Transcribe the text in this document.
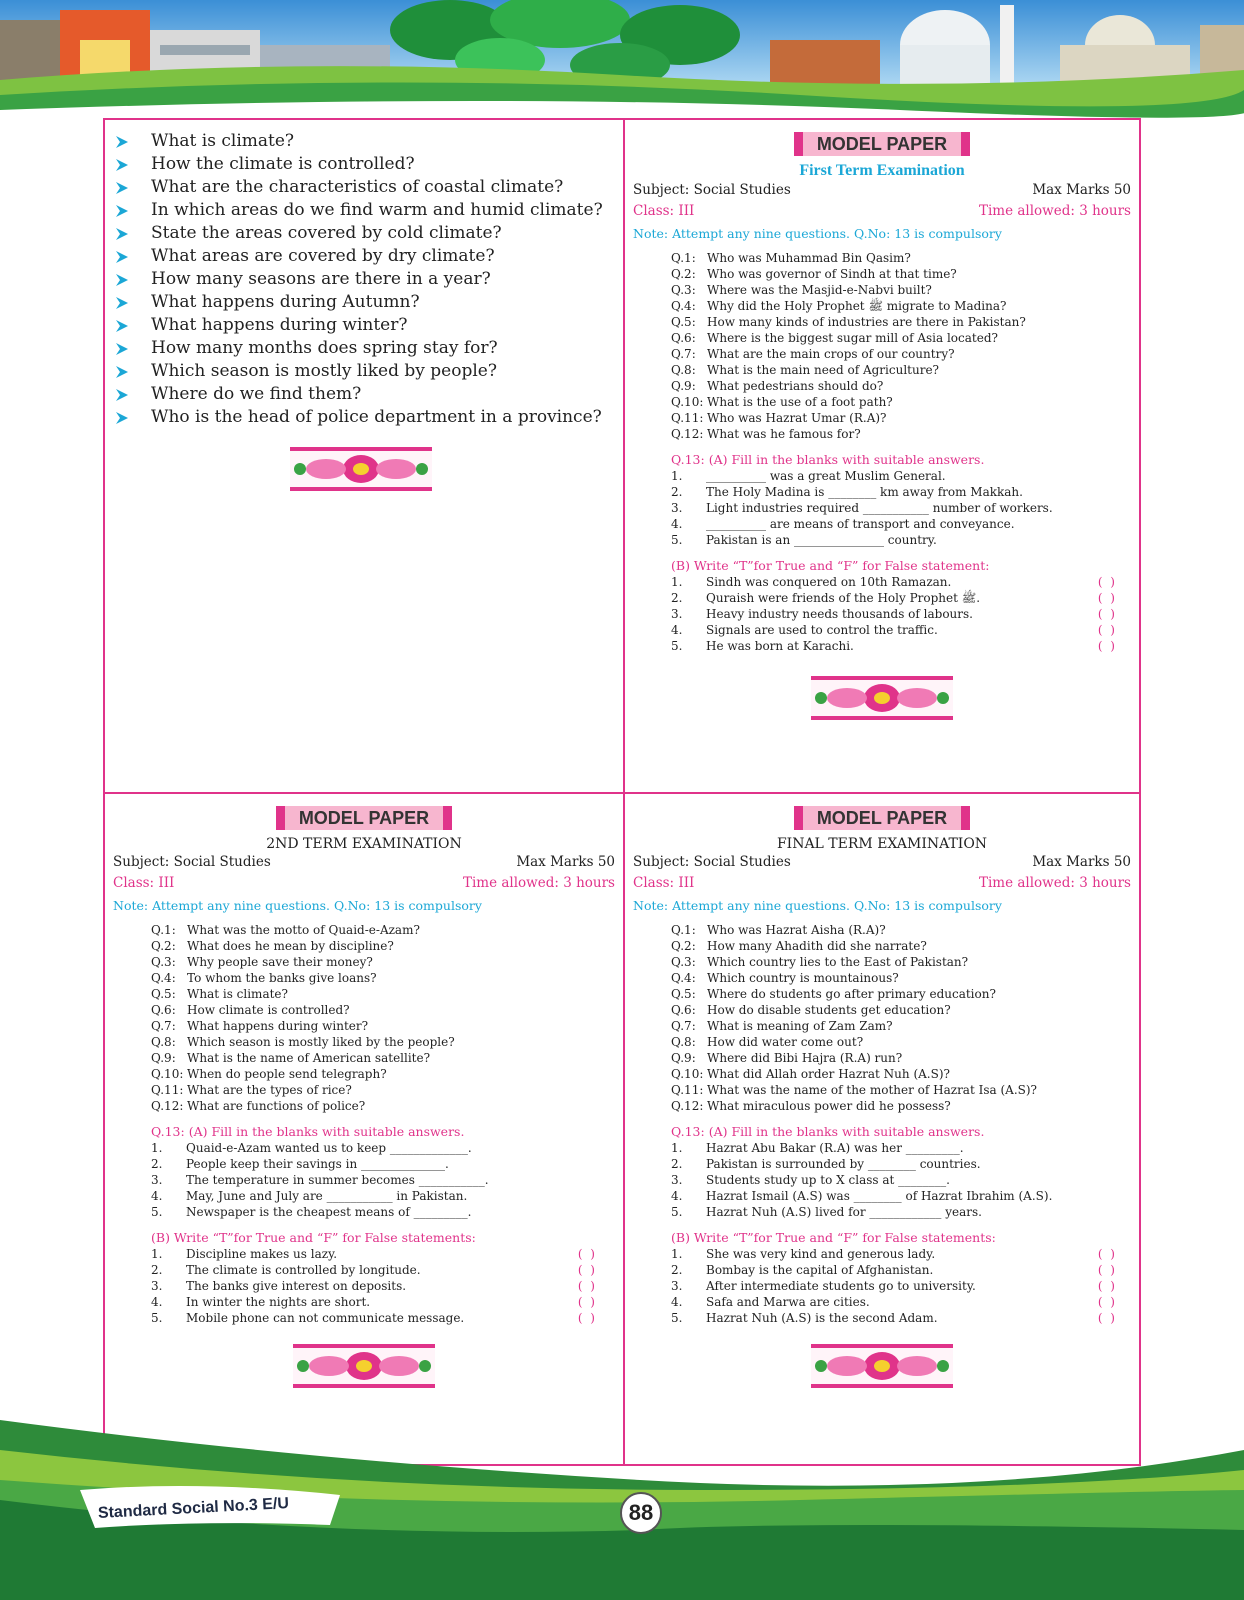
What is climate?
How the climate is controlled?
What are the characteristics of coastal climate?
In which areas do we find warm and humid climate?
State the areas covered by cold climate?
What areas are covered by dry climate?
How many seasons are there in a year?
What happens during Autumn?
What happens during winter?
How many months does spring stay for?
Which season is mostly liked by people?
Where do we find them?
Who is the head of police department in a province?
MODEL PAPER
First Term Examination
Subject: Social Studies	Max Marks 50
Class: III	Time allowed: 3 hours
Note: Attempt any nine questions. Q.No: 13 is compulsory
Q.1: Who was Muhammad Bin Qasim?
Q.2: Who was governor of Sindh at that time?
Q.3: Where was the Masjid-e-Nabvi built?
Q.4: Why did the Holy Prophet ﷺ migrate to Madina?
Q.5: How many kinds of industries are there in Pakistan?
Q.6: Where is the biggest sugar mill of Asia located?
Q.7: What are the main crops of our country?
Q.8: What is the main need of Agriculture?
Q.9: What pedestrians should do?
Q.10: What is the use of a foot path?
Q.11: Who was Hazrat Umar (R.A)?
Q.12: What was he famous for?
Q.13: (A) Fill in the blanks with suitable answers.
1. __________ was a great Muslim General.
2. The Holy Madina is ________ km away from Makkah.
3. Light industries required ___________ number of workers.
4. __________ are means of transport and conveyance.
5. Pakistan is an _______________ country.
(B) Write “T”for True and “F” for False statement:
1. Sindh was conquered on 10th Ramazan.	( )
2. Quraish were friends of the Holy Prophet ﷺ.	( )
3. Heavy industry needs thousands of labours.	( )
4. Signals are used to control the traffic.	( )
5. He was born at Karachi.	( )
MODEL PAPER
2ND TERM EXAMINATION
Subject: Social Studies	Max Marks 50
Class: III	Time allowed: 3 hours
Note: Attempt any nine questions. Q.No: 13 is compulsory
Q.1: What was the motto of Quaid-e-Azam?
Q.2: What does he mean by discipline?
Q.3: Why people save their money?
Q.4: To whom the banks give loans?
Q.5: What is climate?
Q.6: How climate is controlled?
Q.7: What happens during winter?
Q.8: Which season is mostly liked by the people?
Q.9: What is the name of American satellite?
Q.10: When do people send telegraph?
Q.11: What are the types of rice?
Q.12: What are functions of police?
Q.13: (A) Fill in the blanks with suitable answers.
1. Quaid-e-Azam wanted us to keep _____________.
2. People keep their savings in ______________.
3. The temperature in summer becomes ___________.
4. May, June and July are ___________ in Pakistan.
5. Newspaper is the cheapest means of _________.
(B) Write “T”for True and “F” for False statements:
1. Discipline makes us lazy.	( )
2. The climate is controlled by longitude.	( )
3. The banks give interest on deposits.	( )
4. In winter the nights are short.	( )
5. Mobile phone can not communicate message.	( )
MODEL PAPER
FINAL TERM EXAMINATION
Subject: Social Studies	Max Marks 50
Class: III	Time allowed: 3 hours
Note: Attempt any nine questions. Q.No: 13 is compulsory
Q.1: Who was Hazrat Aisha (R.A)?
Q.2: How many Ahadith did she narrate?
Q.3: Which country lies to the East of Pakistan?
Q.4: Which country is mountainous?
Q.5: Where do students go after primary education?
Q.6: How do disable students get education?
Q.7: What is meaning of Zam Zam?
Q.8: How did water come out?
Q.9: Where did Bibi Hajra (R.A) run?
Q.10: What did Allah order Hazrat Nuh (A.S)?
Q.11: What was the name of the mother of Hazrat Isa (A.S)?
Q.12: What miraculous power did he possess?
Q.13: (A) Fill in the blanks with suitable answers.
1. Hazrat Abu Bakar (R.A) was her _________.
2. Pakistan is surrounded by ________ countries.
3. Students study up to X class at ________.
4. Hazrat Ismail (A.S) was ________ of Hazrat Ibrahim (A.S).
5. Hazrat Nuh (A.S) lived for ____________ years.
(B) Write “T”for True and “F” for False statements:
1. She was very kind and generous lady.	( )
2. Bombay is the capital of Afghanistan.	( )
3. After intermediate students go to university.	( )
4. Safa and Marwa are cities.	( )
5. Hazrat Nuh (A.S) is the second Adam.	( )
Standard Social No.3 E/U	88
